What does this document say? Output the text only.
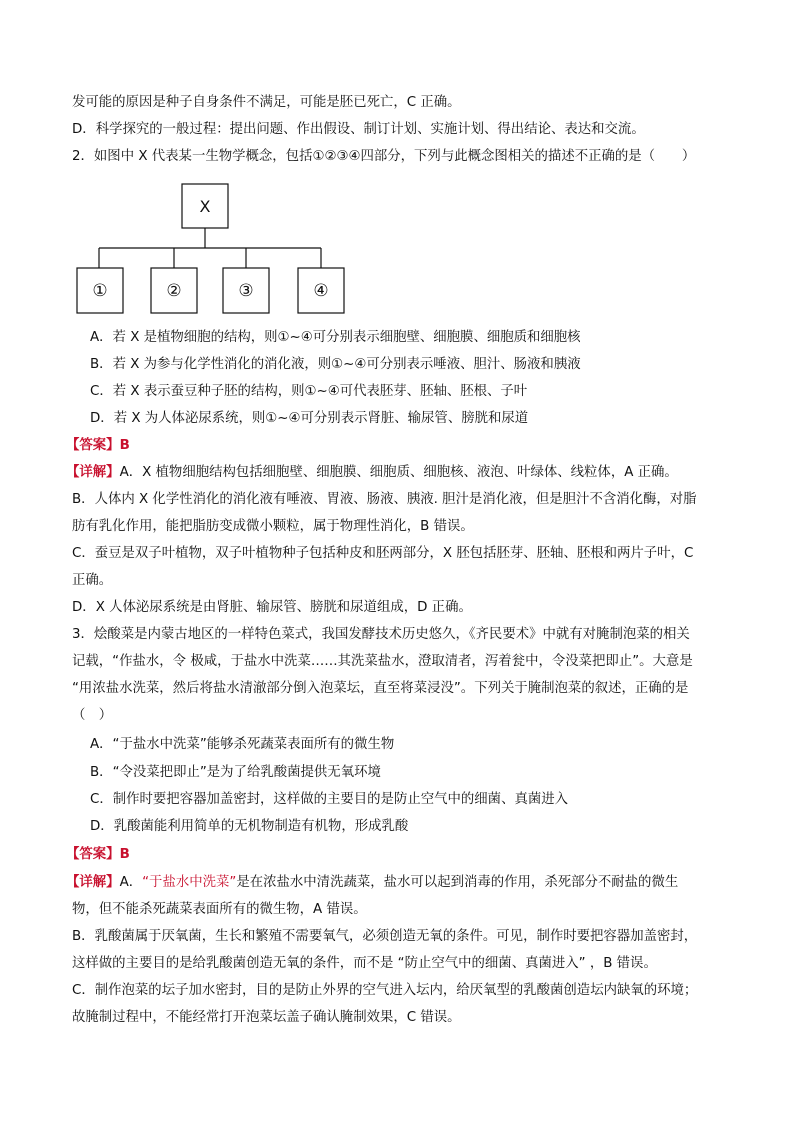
发可能的原因是种子自身条件不满足，可能是胚已死亡，C 正确。
D．科学探究的一般过程：提出问题、作出假设、制订计划、实施计划、得出结论、表达和交流。
2．如图中 X 代表某一生物学概念，包括①②③④四部分，下列与此概念图相关的描述不正确的是（　　）
X
①	②	③	④
A．若 X 是植物细胞的结构，则①~④可分别表示细胞壁、细胞膜、细胞质和细胞核
B．若 X 为参与化学性消化的消化液，则①~④可分别表示唾液、胆汁、肠液和胰液
C．若 X 表示蚕豆种子胚的结构，则①~④可代表胚芽、胚轴、胚根、子叶
D．若 X 为人体泌尿系统，则①~④可分别表示肾脏、输尿管、膀胱和尿道
【答案】B
【详解】A．X 植物细胞结构包括细胞壁、细胞膜、细胞质、细胞核、液泡、叶绿体、线粒体，A 正确。
B．人体内 X 化学性消化的消化液有唾液、胃液、肠液、胰液. 胆汁是消化液，但是胆汁不含消化酶，对脂
肪有乳化作用，能把脂肪变成微小颗粒，属于物理性消化，B 错误。
C．蚕豆是双子叶植物，双子叶植物种子包括种皮和胚两部分，X 胚包括胚芽、胚轴、胚根和两片子叶，C
正确。
D．X 人体泌尿系统是由肾脏、输尿管、膀胱和尿道组成，D 正确。
3．烩酸菜是内蒙古地区的一样特色菜式，我国发酵技术历史悠久，《齐民要术》中就有对腌制泡菜的相关
记载，“作盐水，令 极咸，于盐水中洗菜……其洗菜盐水，澄取清者，泻着瓮中，令没菜把即止”。大意是
“用浓盐水洗菜，然后将盐水清澈部分倒入泡菜坛，直至将菜浸没”。下列关于腌制泡菜的叙述，正确的是
（　）
A．“于盐水中洗菜”能够杀死蔬菜表面所有的微生物
B．“令没菜把即止”是为了给乳酸菌提供无氧环境
C．制作时要把容器加盖密封，这样做的主要目的是防止空气中的细菌、真菌进入
D．乳酸菌能利用简单的无机物制造有机物，形成乳酸
【答案】B
【详解】A．“于盐水中洗菜”是在浓盐水中清洗蔬菜，盐水可以起到消毒的作用，杀死部分不耐盐的微生
物，但不能杀死蔬菜表面所有的微生物，A 错误。
B．乳酸菌属于厌氧菌，生长和繁殖不需要氧气，必须创造无氧的条件。可见，制作时要把容器加盖密封，
这样做的主要目的是给乳酸菌创造无氧的条件，而不是 “防止空气中的细菌、真菌进入” ，B 错误。
C．制作泡菜的坛子加水密封，目的是防止外界的空气进入坛内，给厌氧型的乳酸菌创造坛内缺氧的环境；
故腌制过程中，不能经常打开泡菜坛盖子确认腌制效果，C 错误。
